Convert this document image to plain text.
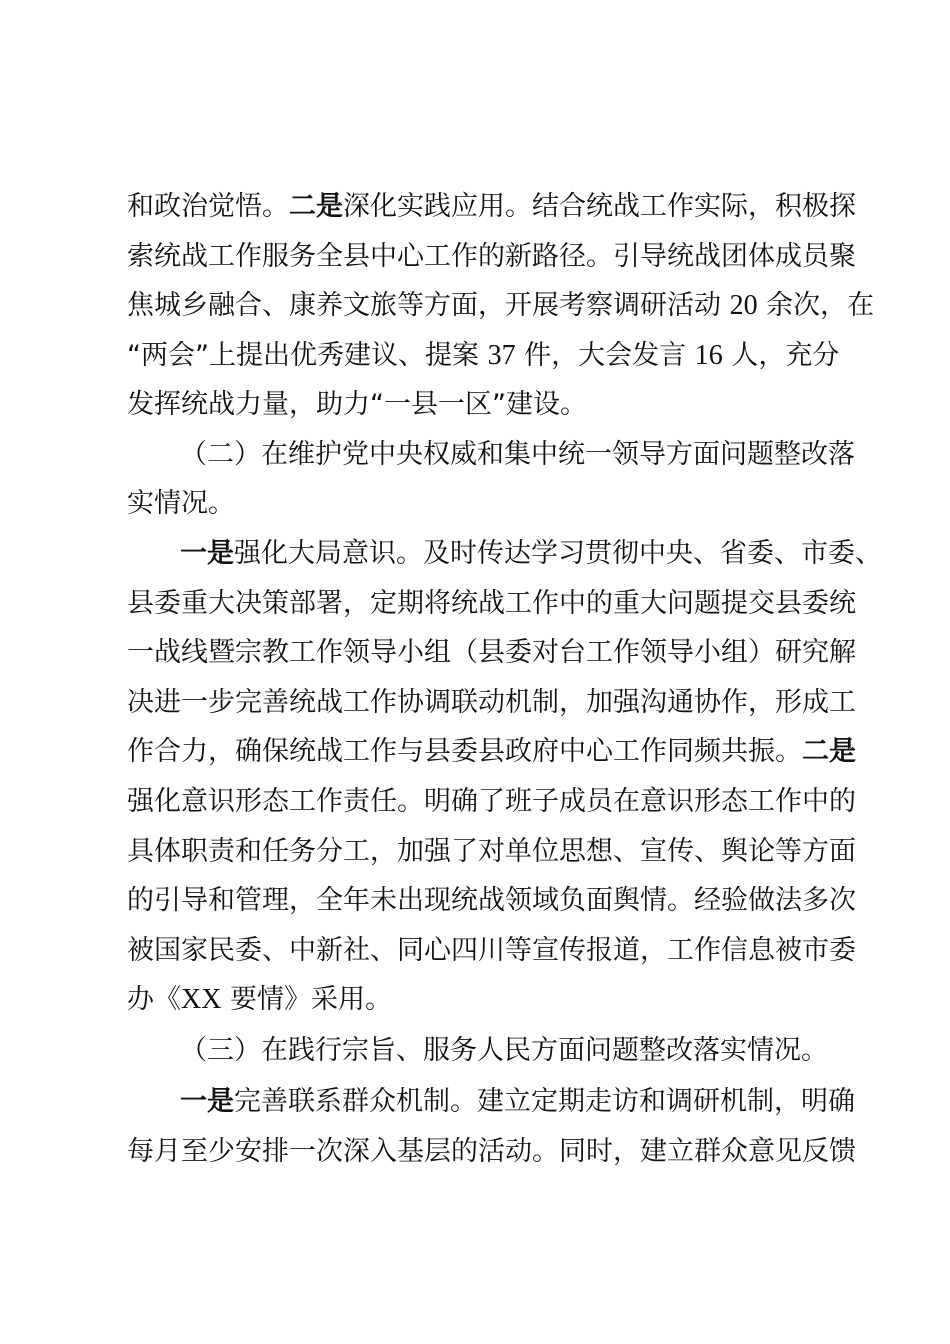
和政治觉悟。二是深化实践应用。结合统战工作实际，积极探
索统战工作服务全县中心工作的新路径。引导统战团体成员聚
焦城乡融合、康养文旅等方面，开展考察调研活动 20 余次，在
“两会”上提出优秀建议、提案 37 件，大会发言 16 人，充分
发挥统战力量，助力“一县一区”建设。
（二）在维护党中央权威和集中统一领导方面问题整改落
实情况。
一是强化大局意识。及时传达学习贯彻中央、省委、市委、
县委重大决策部署，定期将统战工作中的重大问题提交县委统
一战线暨宗教工作领导小组（县委对台工作领导小组）研究解
决进一步完善统战工作协调联动机制，加强沟通协作，形成工
作合力，确保统战工作与县委县政府中心工作同频共振。二是
强化意识形态工作责任。明确了班子成员在意识形态工作中的
具体职责和任务分工，加强了对单位思想、宣传、舆论等方面
的引导和管理，全年未出现统战领域负面舆情。经验做法多次
被国家民委、中新社、同心四川等宣传报道，工作信息被市委
办《XX 要情》采用。
（三）在践行宗旨、服务人民方面问题整改落实情况。
一是完善联系群众机制。建立定期走访和调研机制，明确
每月至少安排一次深入基层的活动。同时，建立群众意见反馈
